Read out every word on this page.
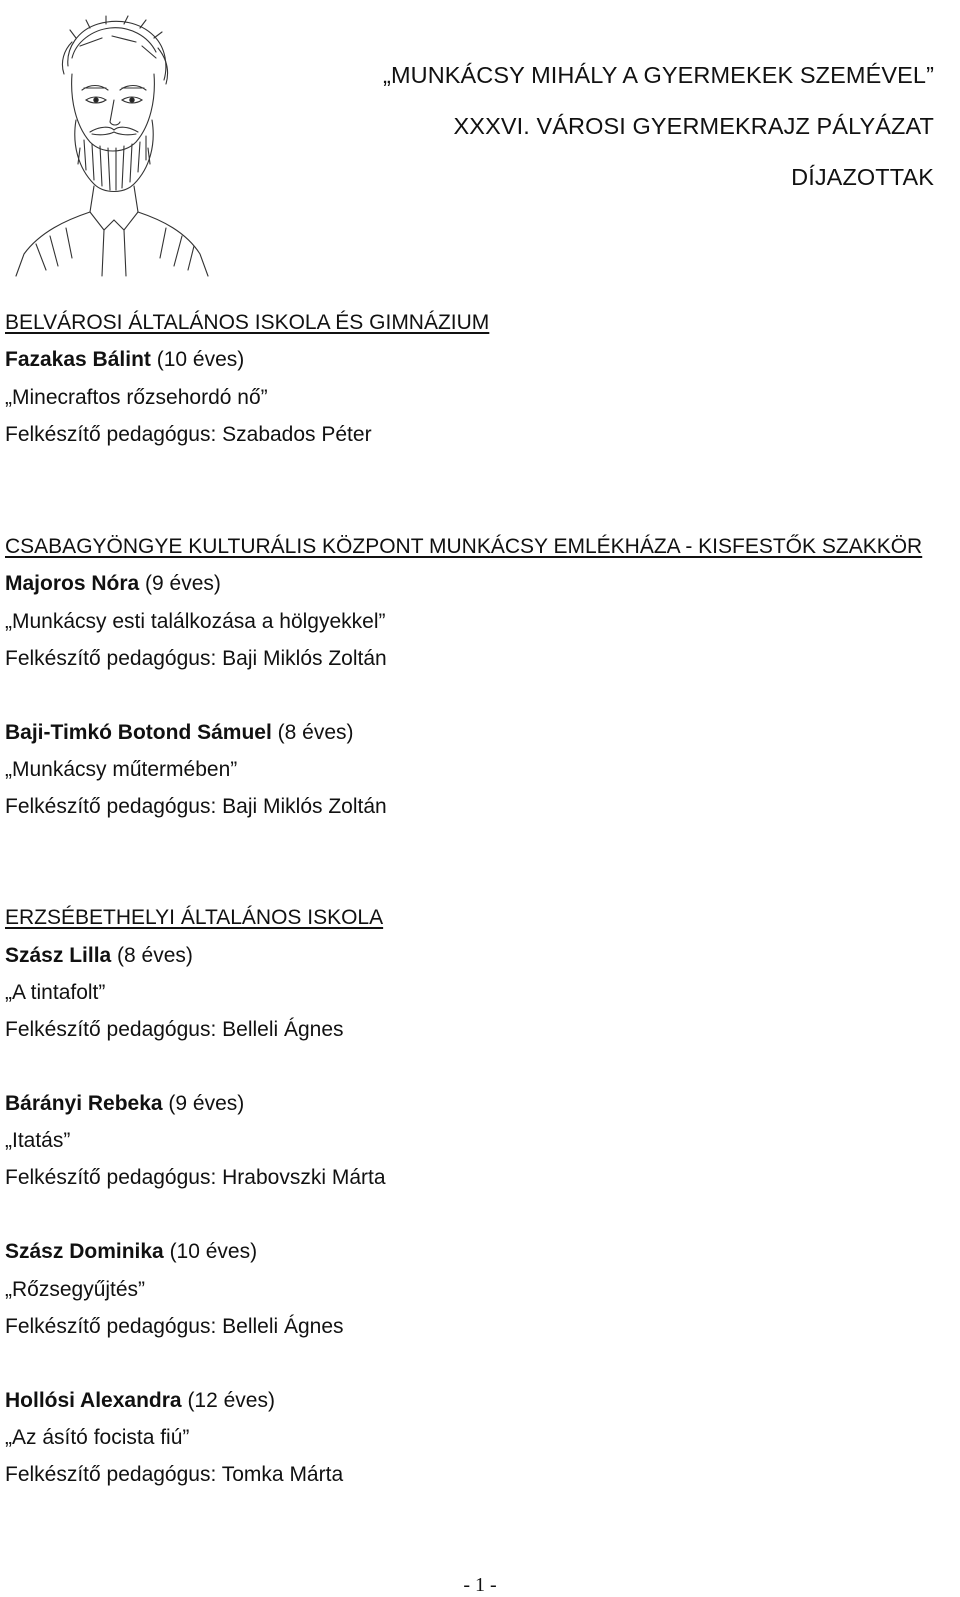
„MUNKÁCSY MIHÁLY A GYERMEKEK SZEMÉVEL”
XXXVI. VÁROSI GYERMEKRAJZ PÁLYÁZAT
DÍJAZOTTAK
BELVÁROSI ÁLTALÁNOS ISKOLA ÉS GIMNÁZIUM
Fazakas Bálint (10 éves)
„Minecraftos rőzsehordó nő”
Felkészítő pedagógus: Szabados Péter
CSABAGYÖNGYE KULTURÁLIS KÖZPONT MUNKÁCSY EMLÉKHÁZA - KISFESTŐK SZAKKÖR
Majoros Nóra (9 éves)
„Munkácsy esti találkozása a hölgyekkel”
Felkészítő pedagógus: Baji Miklós Zoltán
Baji-Timkó Botond Sámuel (8 éves)
„Munkácsy műtermében”
Felkészítő pedagógus: Baji Miklós Zoltán
ERZSÉBETHELYI ÁLTALÁNOS ISKOLA
Szász Lilla (8 éves)
„A tintafolt”
Felkészítő pedagógus: Belleli Ágnes
Bárányi Rebeka (9 éves)
„Itatás”
Felkészítő pedagógus: Hrabovszki Márta
Szász Dominika (10 éves)
„Rőzsegyűjtés”
Felkészítő pedagógus: Belleli Ágnes
Hollósi Alexandra (12 éves)
„Az ásító focista fiú”
Felkészítő pedagógus: Tomka Márta
- 1 -
